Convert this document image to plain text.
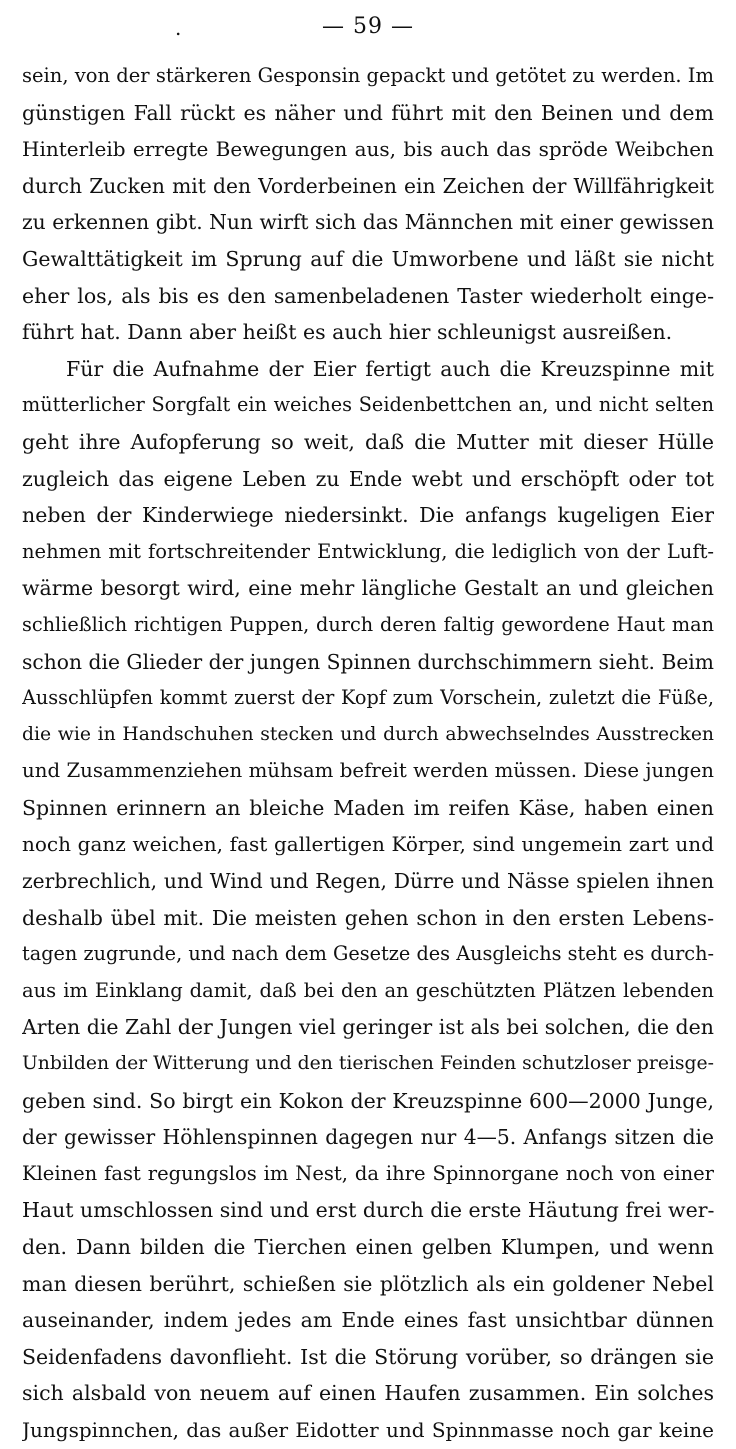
.	— 59 —
sein, von der stärkeren Gesponsin gepackt und getötet zu werden. Im
günstigen Fall rückt es näher und führt mit den Beinen und dem
Hinterleib erregte Bewegungen aus, bis auch das spröde Weibchen
durch Zucken mit den Vorderbeinen ein Zeichen der Willfährigkeit
zu erkennen gibt. Nun wirft sich das Männchen mit einer gewissen
Gewalttätigkeit im Sprung auf die Umworbene und läßt sie nicht
eher los, als bis es den samenbeladenen Taster wiederholt einge-
führt hat. Dann aber heißt es auch hier schleunigst ausreißen.
Für die Aufnahme der Eier fertigt auch die Kreuzspinne mit
mütterlicher Sorgfalt ein weiches Seidenbettchen an, und nicht selten
geht ihre Aufopferung so weit, daß die Mutter mit dieser Hülle
zugleich das eigene Leben zu Ende webt und erschöpft oder tot
neben der Kinderwiege niedersinkt. Die anfangs kugeligen Eier
nehmen mit fortschreitender Entwicklung, die lediglich von der Luft-
wärme besorgt wird, eine mehr längliche Gestalt an und gleichen
schließlich richtigen Puppen, durch deren faltig gewordene Haut man
schon die Glieder der jungen Spinnen durchschimmern sieht. Beim
Ausschlüpfen kommt zuerst der Kopf zum Vorschein, zuletzt die Füße,
die wie in Handschuhen stecken und durch abwechselndes Ausstrecken
und Zusammenziehen mühsam befreit werden müssen. Diese jungen
Spinnen erinnern an bleiche Maden im reifen Käse, haben einen
noch ganz weichen, fast gallertigen Körper, sind ungemein zart und
zerbrechlich, und Wind und Regen, Dürre und Nässe spielen ihnen
deshalb übel mit. Die meisten gehen schon in den ersten Lebens-
tagen zugrunde, und nach dem Gesetze des Ausgleichs steht es durch-
aus im Einklang damit, daß bei den an geschützten Plätzen lebenden
Arten die Zahl der Jungen viel geringer ist als bei solchen, die den
Unbilden der Witterung und den tierischen Feinden schutzloser preisge-
geben sind. So birgt ein Kokon der Kreuzspinne 600—2000 Junge,
der gewisser Höhlenspinnen dagegen nur 4—5. Anfangs sitzen die
Kleinen fast regungslos im Nest, da ihre Spinnorgane noch von einer
Haut umschlossen sind und erst durch die erste Häutung frei wer-
den. Dann bilden die Tierchen einen gelben Klumpen, und wenn
man diesen berührt, schießen sie plötzlich als ein goldener Nebel
auseinander, indem jedes am Ende eines fast unsichtbar dünnen
Seidenfadens davonflieht. Ist die Störung vorüber, so drängen sie
sich alsbald von neuem auf einen Haufen zusammen. Ein solches
Jungspinnchen, das außer Eidotter und Spinnmasse noch gar keine
